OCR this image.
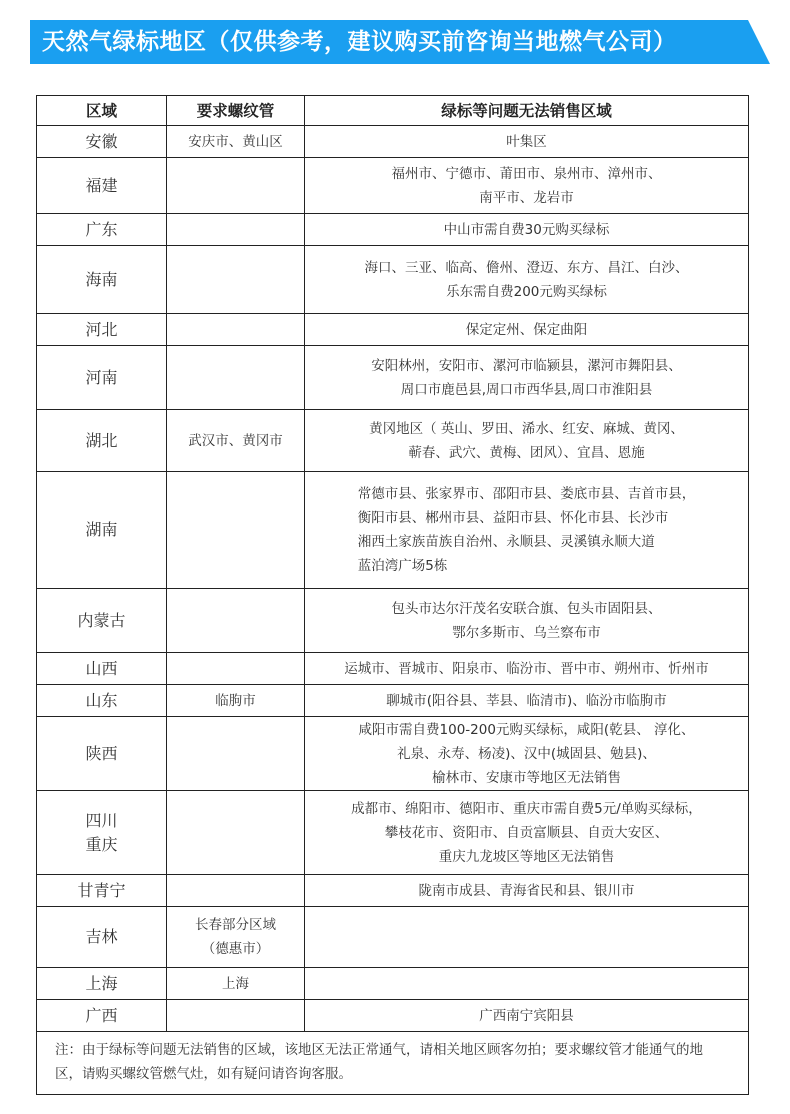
天然气绿标地区（仅供参考，建议购买前咨询当地燃气公司）
区域	要求螺纹管	绿标等问题无法销售区域

安徽	安庆市、黄山区	叶集区

福建		福州市、宁德市、莆田市、泉州市、漳州市、
南平市、龙岩市

广东		中山市需自费30元购买绿标

海南		海口、三亚、临高、儋州、澄迈、东方、昌江、白沙、
乐东需自费200元购买绿标

河北		保定定州、保定曲阳

河南		安阳林州，安阳市、漯河市临颍县，漯河市舞阳县、
周口市鹿邑县,周口市西华县,周口市淮阳县

湖北	武汉市、黄冈市	黄冈地区（ 英山、罗田、浠水、红安、麻城、黄冈、
蕲春、武穴、黄梅、团风）、宜昌、恩施

湖南		常德市县、张家界市、邵阳市县、娄底市县、吉首市县，
衡阳市县、郴州市县、益阳市县、怀化市县、长沙市
湘西土家族苗族自治州、永顺县、灵溪镇永顺大道
蓝泊湾广场5栋

内蒙古		包头市达尔汗茂名安联合旗、包头市固阳县、
鄂尔多斯市、乌兰察布市

山西		运城市、晋城市、阳泉市、临汾市、晋中市、朔州市、忻州市

山东	临朐市	聊城市(阳谷县、莘县、临清市)、临汾市临朐市

陕西		咸阳市需自费100-200元购买绿标，咸阳(乾县、 淳化、
礼泉、永寿、杨凌)、汉中(城固县、勉县)、
榆林市、安康市等地区无法销售

四川
重庆		成都市、绵阳市、德阳市、重庆市需自费5元/单购买绿标，
攀枝花市、资阳市、自贡富顺县、自贡大安区、
重庆九龙坡区等地区无法销售

甘青宁		陇南市成县、青海省民和县、银川市

吉林	长春部分区域
（德惠市）	

上海	上海	

广西		广西南宁宾阳县

注：由于绿标等问题无法销售的区域，该地区无法正常通气，请相关地区顾客勿拍；要求螺纹管才能通气的地区，请购买螺纹管燃气灶，如有疑问请咨询客服。		
